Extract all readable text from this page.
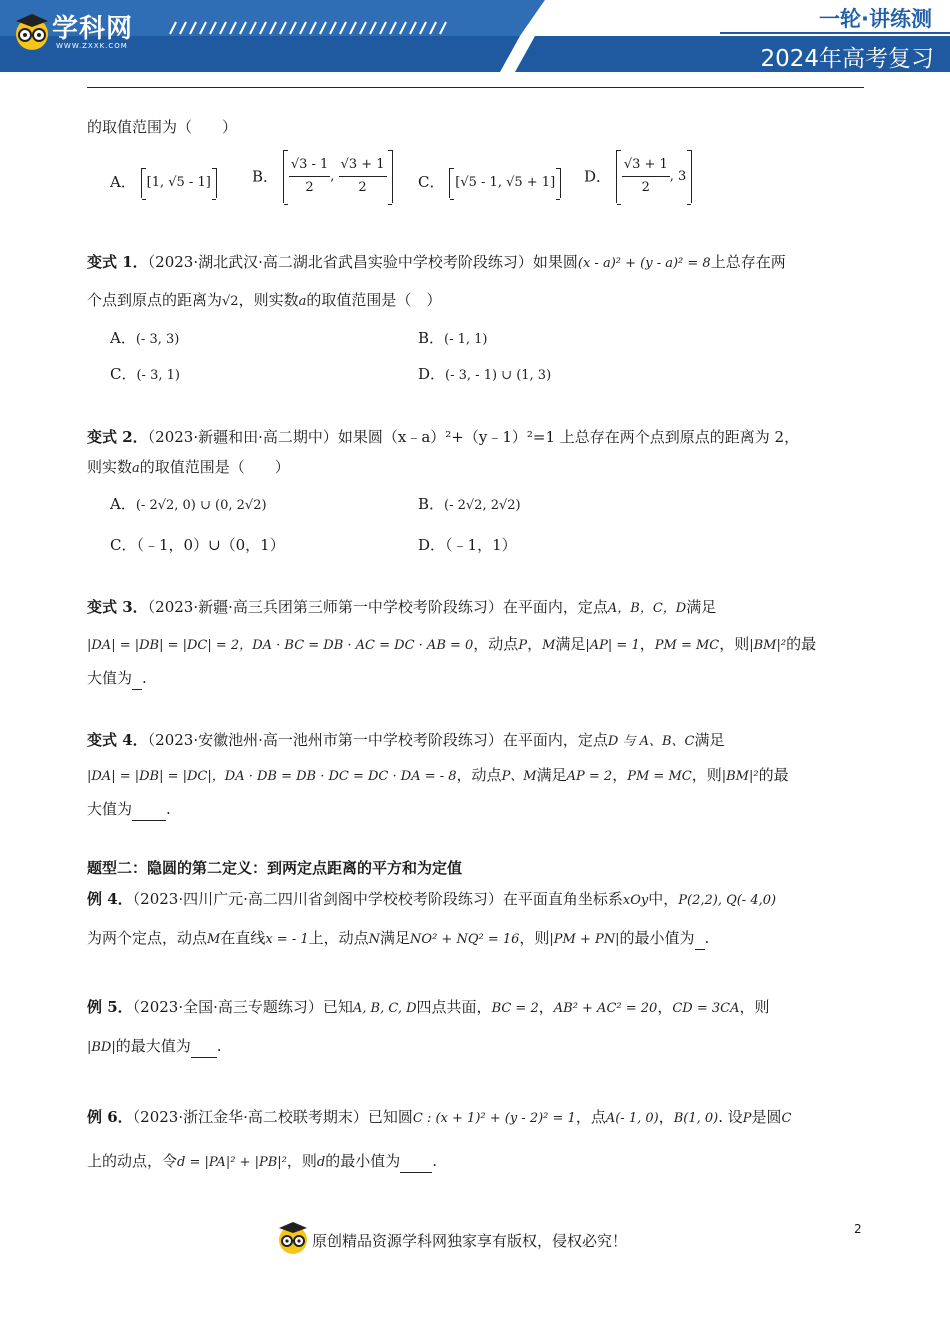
学科网
WWW.ZXXK.COM
一轮·讲练测
2024年高考复习
的取值范围为（　　）
A． [1, √5 - 1]	B． $\frac{√3 - 1}{2}$ , $\frac{√3 + 1}{2}$ C． [√5 - 1, √5 + 1]	D． $\frac{√3 + 1}{2}$ , 3
变式 1．（2023·湖北武汉·高二湖北省武昌实验中学校考阶段练习）如果圆(x - a)² + (y - a)² = 8上总存在两
个点到原点的距离为√2，则实数a的取值范围是（　）
A．(- 3, 3)	B．(- 1, 1)
C．(- 3, 1)	D．(- 3, - 1) ∪ (1, 3)
变式 2．（2023·新疆和田·高二期中）如果圆（x﹣a）²+（y﹣1）²=1 上总存在两个点到原点的距离为 2，
则实数a的取值范围是（　　）
A．(- 2√2, 0) ∪ (0, 2√2)	B．(- 2√2, 2√2)
C．（﹣1，0）∪（0，1）	D．（﹣1，1）
变式 3．（2023·新疆·高三兵团第三师第一中学校考阶段练习）在平面内，定点A，B，C，D满足
|DA| = |DB| = |DC| = 2，DA · BC = DB · AC = DC · AB = 0，动点P，M满足|AP| = 1，PM = MC，则|BM|²的最
大值为 .
变式 4．（2023·安徽池州·高一池州市第一中学校考阶段练习）在平面内，定点D 与 A、B、C满足
|DA| = |DB| = |DC|，DA · DB = DB · DC = DC · DA = - 8，动点P、M满足AP = 2，PM = MC，则|BM|²的最
大值为 .
题型二：隐圆的第二定义：到两定点距离的平方和为定值
例 4．（2023·四川广元·高二四川省剑阁中学校校考阶段练习）在平面直角坐标系xOy中，P(2,2), Q(- 4,0)
为两个定点，动点M在直线x = - 1上，动点N满足NO² + NQ² = 16，则|PM + PN|的最小值为 .
例 5．（2023·全国·高三专题练习）已知A, B, C, D四点共面，BC = 2，AB² + AC² = 20，CD = 3CA，则
|BD|的最大值为 .
例 6．（2023·浙江金华·高二校联考期末）已知圆C : (x + 1)² + (y - 2)² = 1，点A(- 1, 0)，B(1, 0). 设P是圆C
上的动点，令d = |PA|² + |PB|²，则d的最小值为 .
原创精品资源学科网独家享有版权，侵权必究！
2
